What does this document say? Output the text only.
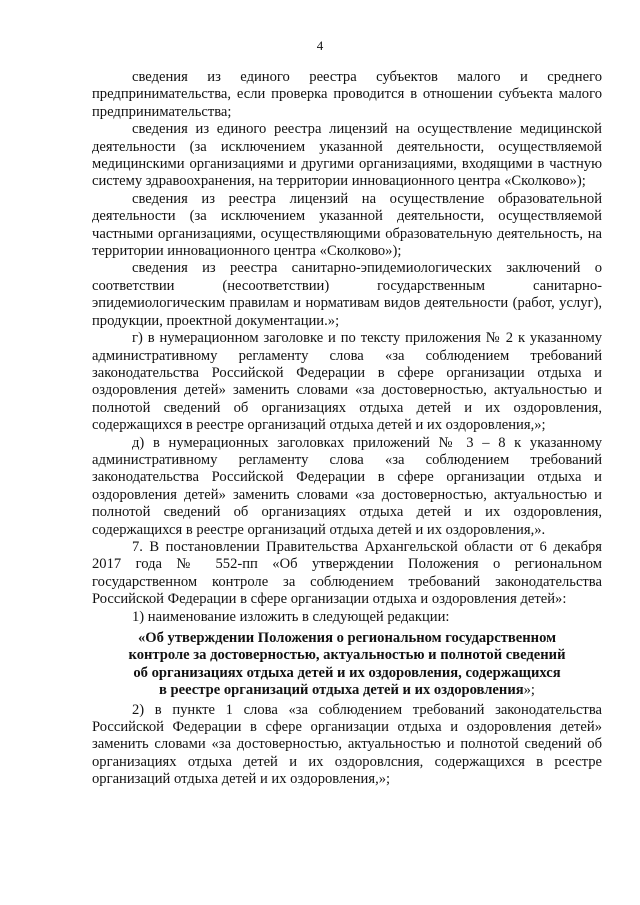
4

сведения из единого реестра субъектов малого и среднего предпринимательства, если проверка проводится в отношении субъекта малого предпринимательства;

сведения из единого реестра лицензий на осуществление медицинской деятельности (за исключением указанной деятельности, осуществляемой медицинскими организациями и другими организациями, входящими в частную систему здравоохранения, на территории инновационного центра «Сколково»);

сведения из реестра лицензий на осуществление образовательной деятельности (за исключением указанной деятельности, осуществляемой частными организациями, осуществляющими образовательную деятельность, на территории инновационного центра «Сколково»);

сведения из реестра санитарно-эпидемиологических заключений о соответствии (несоответствии) государственным санитарно-эпидемиологическим правилам и нормативам видов деятельности (работ, услуг), продукции, проектной документации.»;

г) в нумерационном заголовке и по тексту приложения № 2 к указанному административному регламенту слова «за соблюдением требований законодательства Российской Федерации в сфере организации отдыха и оздоровления детей» заменить словами «за достоверностью, актуальностью и полнотой сведений об организациях отдыха детей и их оздоровления, содержащихся в реестре организаций отдыха детей и их оздоровления,»;

д) в нумерационных заголовках приложений № 3 – 8 к указанному административному регламенту слова «за соблюдением требований законодательства Российской Федерации в сфере организации отдыха и оздоровления детей» заменить словами «за достоверностью, актуальностью и полнотой сведений об организациях отдыха детей и их оздоровления, содержащихся в реестре организаций отдыха детей и их оздоровления,».

7. В постановлении Правительства Архангельской области от 6 декабря 2017 года № 552-пп «Об утверждении Положения о региональном государственном контроле за соблюдением требований законодательства Российской Федерации в сфере организации отдыха и оздоровления детей»:

1) наименование изложить в следующей редакции:

«Об утверждении Положения о региональном государственном
контроле за достоверностью, актуальностью и полнотой сведений
об организациях отдыха детей и их оздоровления, содержащихся
в реестре организаций отдыха детей и их оздоровления»;

2) в пункте 1 слова «за соблюдением требований законодательства Российской Федерации в сфере организации отдыха и оздоровления детей» заменить словами «за достоверностью, актуальностью и полнотой сведений об организациях отдыха детей и их оздоровлсния, содержащихся в рсестре организаций отдыха детей и их оздоровления,»;
